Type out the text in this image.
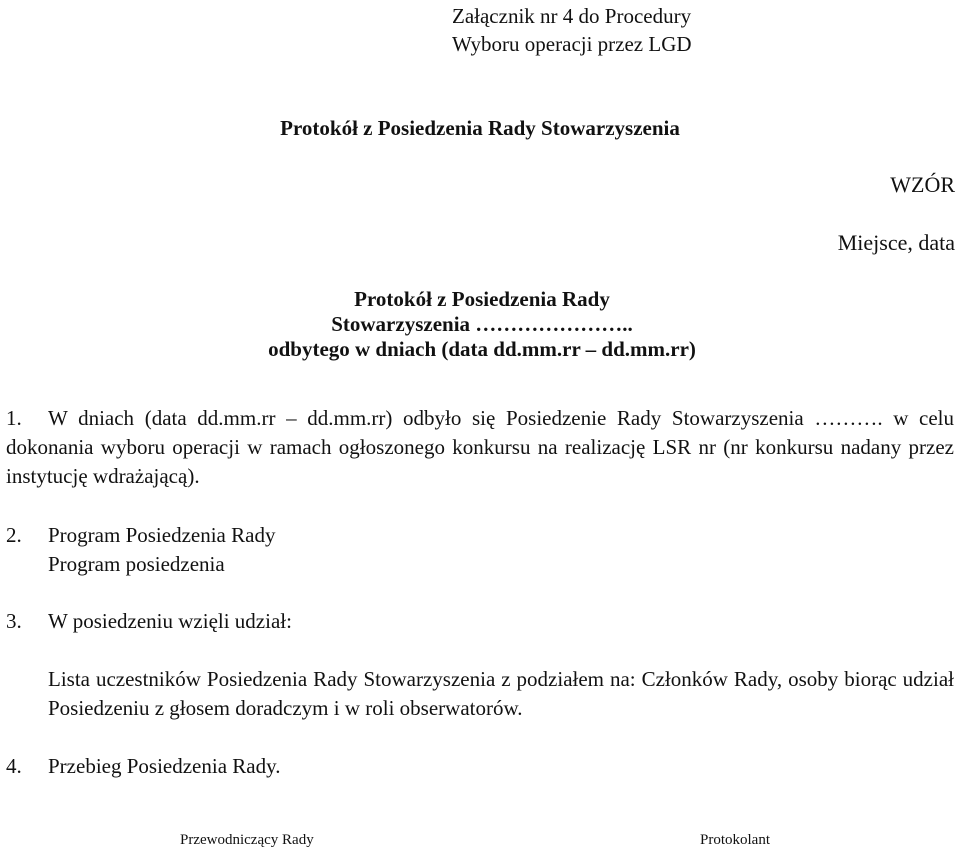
Załącznik nr 4 do Procedury
Wyboru operacji przez LGD
Protokół z Posiedzenia Rady Stowarzyszenia
WZÓR
Miejsce, data
Protokół z Posiedzenia Rady
Stowarzyszenia …………………..
odbytego w dniach (data dd.mm.rr – dd.mm.rr)
1. W dniach (data dd.mm.rr – dd.mm.rr) odbyło się Posiedzenie Rady Stowarzyszenia ………. w celu dokonania wyboru operacji w ramach ogłoszonego konkursu na realizację LSR nr (nr konkursu nadany przez instytucję wdrażającą).
2. Program Posiedzenia Rady
Program posiedzenia
3. W posiedzeniu wzięli udział:
Lista uczestników Posiedzenia Rady Stowarzyszenia z podziałem na: Członków Rady, osoby biorąc udział Posiedzeniu z głosem doradczym i w roli obserwatorów.
4. Przebieg Posiedzenia Rady.
Przewodniczący Rady	Protokolant
